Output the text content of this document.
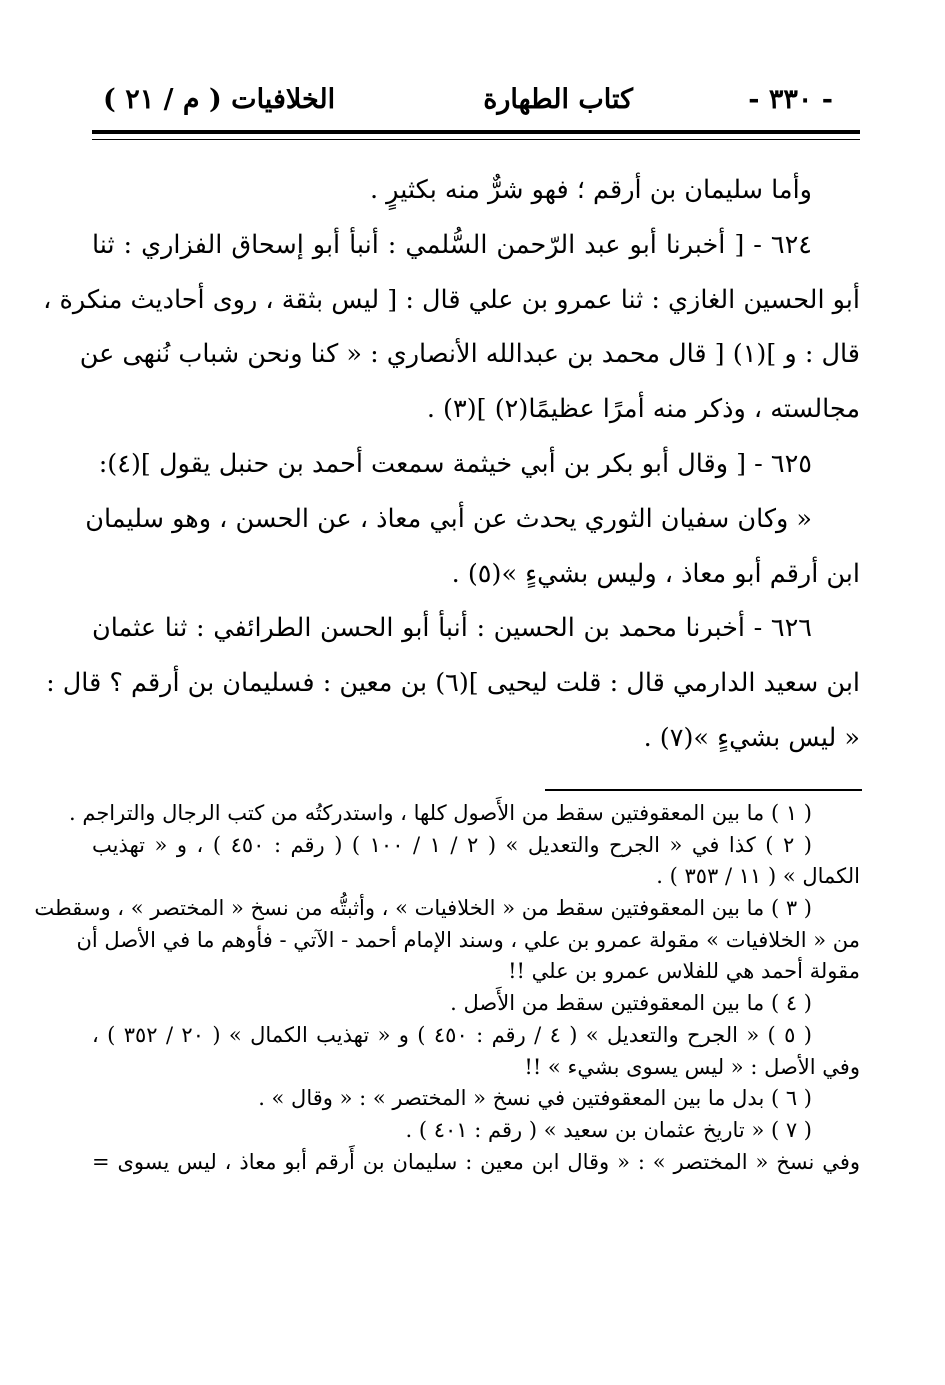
- ٣٣٠ -
كتاب الطهارة
الخلافيات ( م / ٢١ )
وأما سليمان بن أرقم ؛ فهو شرٌّ منه بكثيرٍ .
٦٢٤ - [ أخبرنا أبو عبد الرّحمن السُّلمي : أنبأ أبو إسحاق الفزاري : ثنا
أبو الحسين الغازي : ثنا عمرو بن علي قال : [ ليس بثقة ، روى أحاديث منكرة ،
قال : و ](١) [ قال محمد بن عبدالله الأنصاري : « كنا ونحن شباب نُنهى عن
مجالسته ، وذكر منه أمرًا عظيمًا(٢) ](٣) .
٦٢٥ - [ وقال أبو بكر بن أبي خيثمة سمعت أحمد بن حنبل يقول ](٤):
« وكان سفيان الثوري يحدث عن أبي معاذ ، عن الحسن ، وهو سليمان
ابن أرقم أبو معاذ ، وليس بشيءٍ »(٥) .
٦٢٦ - أخبرنا محمد بن الحسين : أنبأ أبو الحسن الطرائفي : ثنا عثمان
ابن سعيد الدارمي قال : قلت ليحيى ](٦) بن معين : فسليمان بن أرقم ؟ قال :
« ليس بشيءٍ »(٧) .
( ١ ) ما بين المعقوفتين سقط من الأَصول كلها ، واستدركتُه من كتب الرجال والتراجم .
( ٢ ) كذا في « الجرح والتعديل » ( ٢ / ١ / ١٠٠ ) ( رقم : ٤٥٠ ) ، و « تهذيب
الكمال » ( ١١ / ٣٥٣ ) .
( ٣ ) ما بين المعقوفتين سقط من « الخلافيات » ، وأثبتُّه من نسخ « المختصر » ، وسقطت
من « الخلافيات » مقولة عمرو بن علي ، وسند الإمام أحمد - الآتي - فأوهم ما في الأصل أن
مقولة أحمد هي للفلاس عمرو بن علي !!
( ٤ ) ما بين المعقوفتين سقط من الأَصل .
( ٥ ) « الجرح والتعديل » ( ٤ / رقم : ٤٥٠ ) و « تهذيب الكمال » ( ٢٠ / ٣٥٢ ) ،
وفي الأصل : « ليس يسوى بشيء » !!
( ٦ ) بدل ما بين المعقوفتين في نسخ « المختصر » : « وقال » .
( ٧ ) « تاريخ عثمان بن سعيد » ( رقم : ٤٠١ ) .
وفي نسخ « المختصر » : « وقال ابن معين : سليمان بن أَرقم أبو معاذ ، ليس يسوى =
